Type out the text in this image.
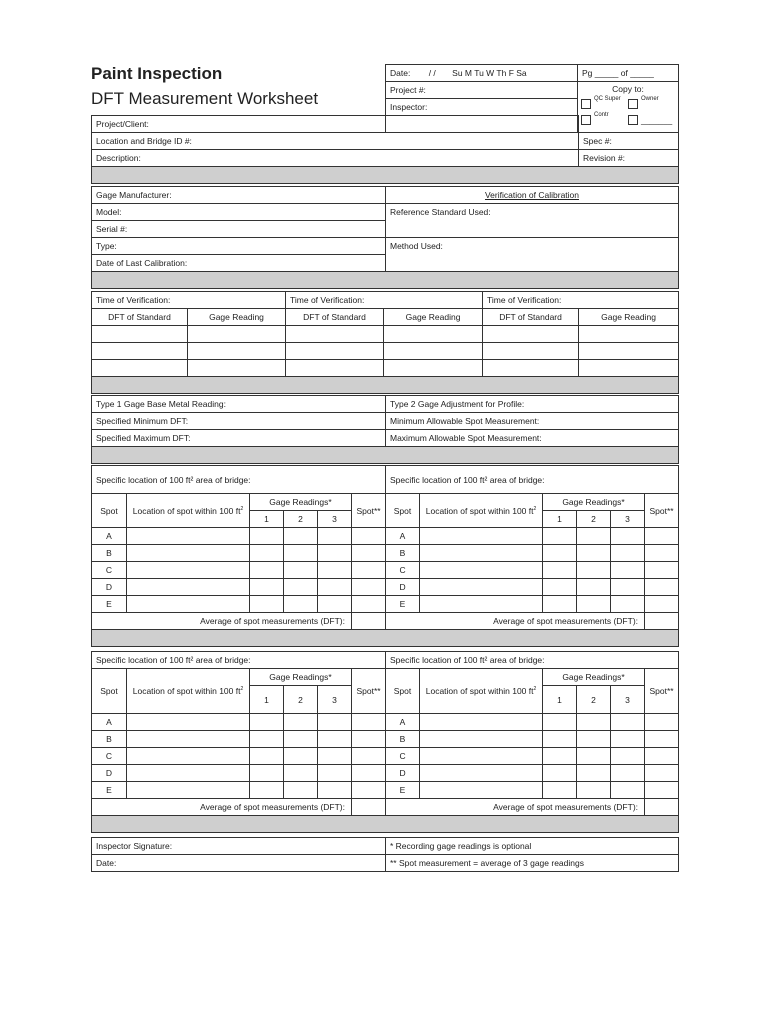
Paint Inspection
DFT Measurement Worksheet
Date: / / Su M Tu W Th F Sa	Pg _____ of _____
Project #:	Copy to:
QC Super Owner
Contr
_______

Inspector:	

Project/Client:	
Location and Bridge ID #:	Spec #:
Description:	Revision #:

Gage Manufacturer:	Verification of Calibration
Model:	Reference Standard Used:
Serial #:	
Type:	Method Used:
Date of Last Calibration:	

Time of Verification:		Time of Verification:		Time of Verification:	
DFT of Standard	Gage Reading	DFT of Standard	Gage Reading	DFT of Standard	Gage Reading

Type 1 Gage Base Metal Reading:	Type 2 Gage Adjustment for Profile:
Specified Minimum DFT:	Minimum Allowable Spot Measurement:
Specified Maximum DFT:	Maximum Allowable Spot Measurement:

Specific location of 100 ft² area of bridge:						Specific location of 100 ft² area of bridge:					
Spot	Location of spot within 100 $ft^2$	Gage Readings*			Spot**	Spot	Location of spot within 100 $ft^2$	Gage Readings*			Spot**
		1	2	3				1	2	3	
A						A					
B						B					
C						C					
D						D					
E						E					
Average of spot measurements (DFT):						Average of spot measurements (DFT):					

Specific location of 100 ft² area of bridge:						Specific location of 100 ft² area of bridge:					
Spot	Location of spot within 100 $ft^2$	Gage Readings*			Spot**	Spot	Location of spot within 100 $ft^2$	Gage Readings*			Spot**
		1	2	3				1	2	3	
A						A					
B						B					
C						C					
D						D					
E						E					
Average of spot measurements (DFT):						Average of spot measurements (DFT):					

Inspector Signature:	* Recording gage readings is optional
Date:	** Spot measurement = average of 3 gage readings
